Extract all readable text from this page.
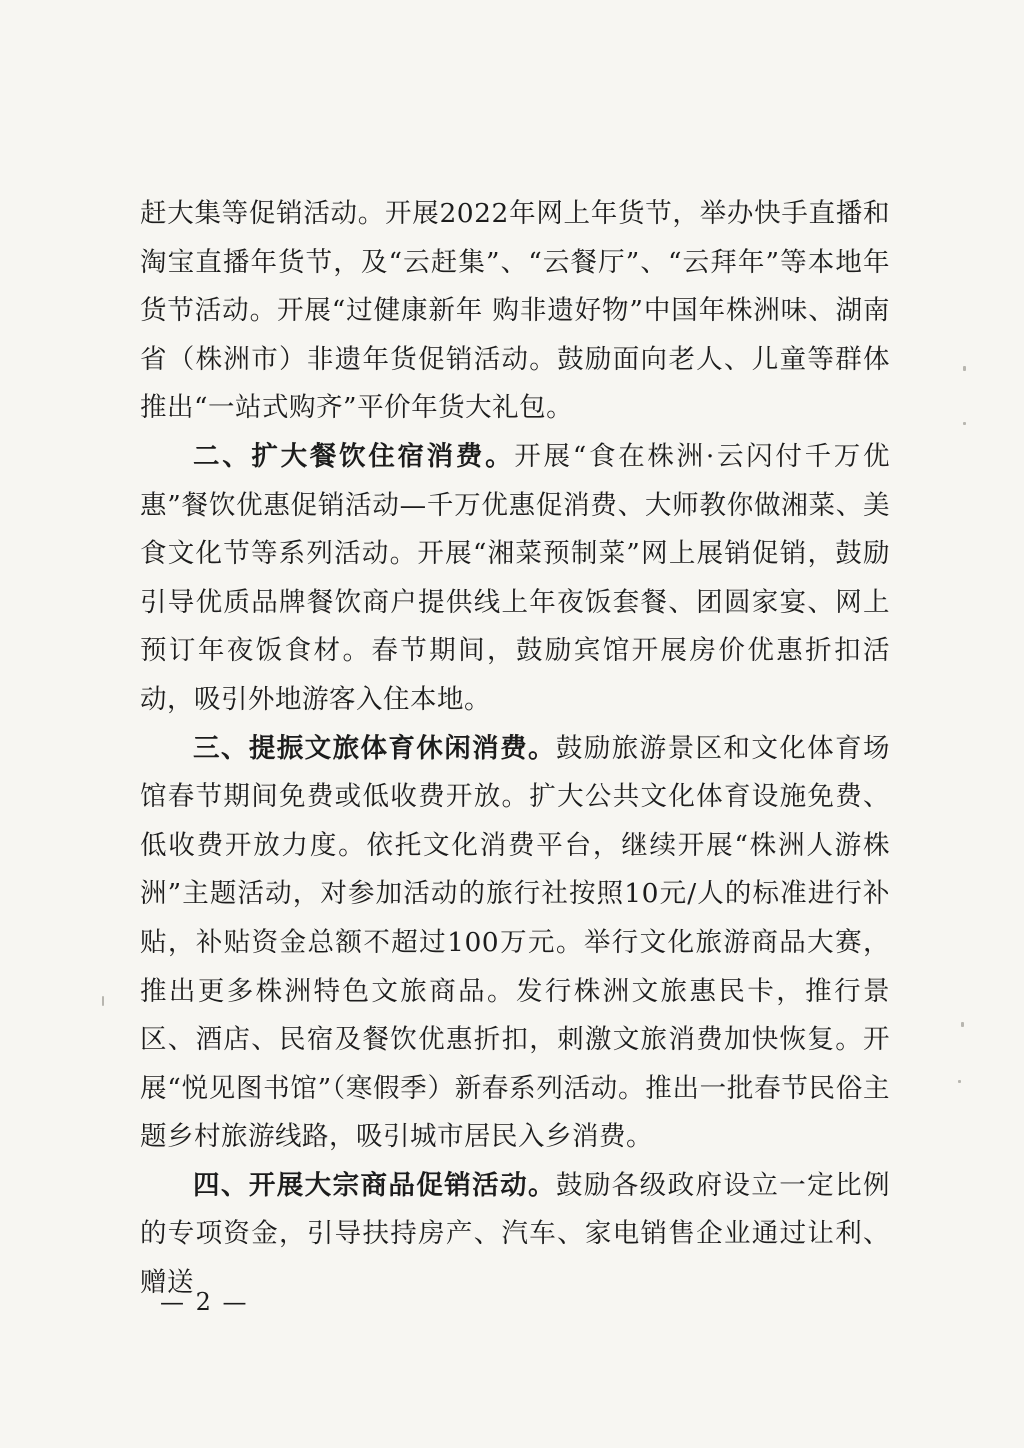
赶大集等促销活动。开展2022年网上年货节，举办快手直播和淘宝直播年货节，及“云赶集”、“云餐厅”、“云拜年”等本地年货节活动。开展“过健康新年 购非遗好物”中国年株洲味、湖南省（株洲市）非遗年货促销活动。鼓励面向老人、儿童等群体推出“一站式购齐”平价年货大礼包。

二、扩大餐饮住宿消费。开展“食在株洲·云闪付千万优惠”餐饮优惠促销活动—千万优惠促消费、大师教你做湘菜、美食文化节等系列活动。开展“湘菜预制菜”网上展销促销，鼓励引导优质品牌餐饮商户提供线上年夜饭套餐、团圆家宴、网上预订年夜饭食材。春节期间，鼓励宾馆开展房价优惠折扣活动，吸引外地游客入住本地。

三、提振文旅体育休闲消费。鼓励旅游景区和文化体育场馆春节期间免费或低收费开放。扩大公共文化体育设施免费、低收费开放力度。依托文化消费平台，继续开展“株洲人游株洲”主题活动，对参加活动的旅行社按照10元/人的标准进行补贴，补贴资金总额不超过100万元。举行文化旅游商品大赛，推出更多株洲特色文旅商品。发行株洲文旅惠民卡，推行景区、酒店、民宿及餐饮优惠折扣，刺激文旅消费加快恢复。开展“悦见图书馆”（寒假季）新春系列活动。推出一批春节民俗主题乡村旅游线路，吸引城市居民入乡消费。

四、开展大宗商品促销活动。鼓励各级政府设立一定比例的专项资金，引导扶持房产、汽车、家电销售企业通过让利、赠送

— 2 —
